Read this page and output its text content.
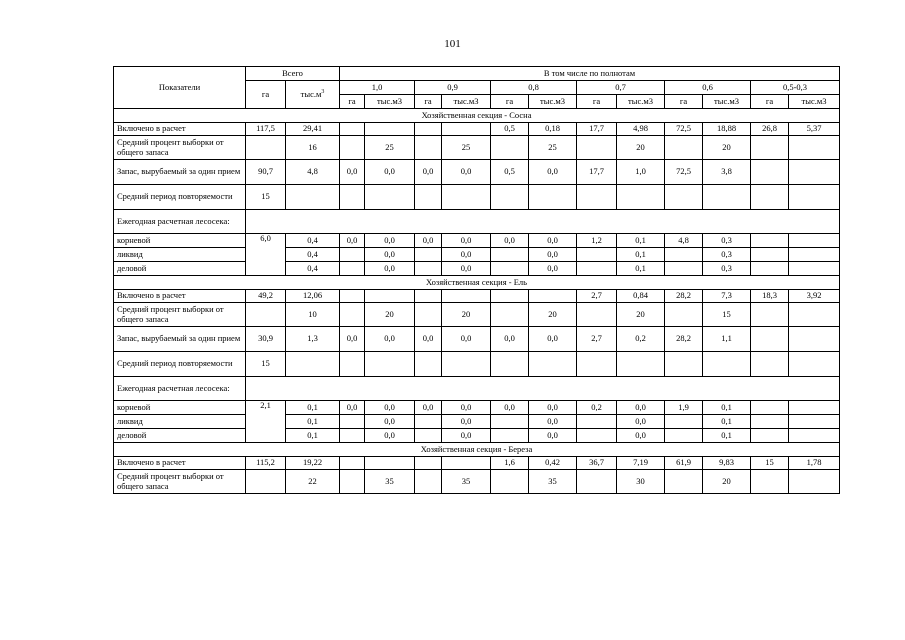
101
Показатели	Всего		В том числе по полнотам											
	га	$тыс.м^3$	1,0		0,9		0,8		0,7		0,6		0,5-0,3	
			га	тыс.м3	га	тыс.м3	га	тыс.м3	га	тыс.м3	га	тыс.м3	га	тыс.м3
Хозяйственная секция - Сосна														
Включено в расчет	117,5	29,41					0,5	0,18	17,7	4,98	72,5	18,88	26,8	5,37
Средний процент выборки от общего запаса		16		25		25		25		20		20		
Запас, вырубаемый за один прием	90,7	4,8	0,0	0,0	0,0	0,0	0,5	0,0	17,7	1,0	72,5	3,8		
Средний период повторяемости	15													
Ежегодная расчетная лесосека:														
корневой	6,0	0,4	0,0	0,0	0,0	0,0	0,0	0,0	1,2	0,1	4,8	0,3		
ликвид		0,4		0,0		0,0		0,0		0,1		0,3		
деловой		0,4		0,0		0,0		0,0		0,1		0,3		
Хозяйственная секция - Ель														
Включено в расчет	49,2	12,06							2,7	0,84	28,2	7,3	18,3	3,92
Средний процент выборки от общего запаса		10		20		20		20		20		15		
Запас, вырубаемый за один прием	30,9	1,3	0,0	0,0	0,0	0,0	0,0	0,0	2,7	0,2	28,2	1,1		
Средний период повторяемости	15													
Ежегодная расчетная лесосека:														
корневой	2,1	0,1	0,0	0,0	0,0	0,0	0,0	0,0	0,2	0,0	1,9	0,1		
ликвид		0,1		0,0		0,0		0,0		0,0		0,1		
деловой		0,1		0,0		0,0		0,0		0,0		0,1		
Хозяйственная секция - Береза														
Включено в расчет	115,2	19,22					1,6	0,42	36,7	7,19	61,9	9,83	15	1,78
Средний процент выборки от общего запаса		22		35		35		35		30		20		
